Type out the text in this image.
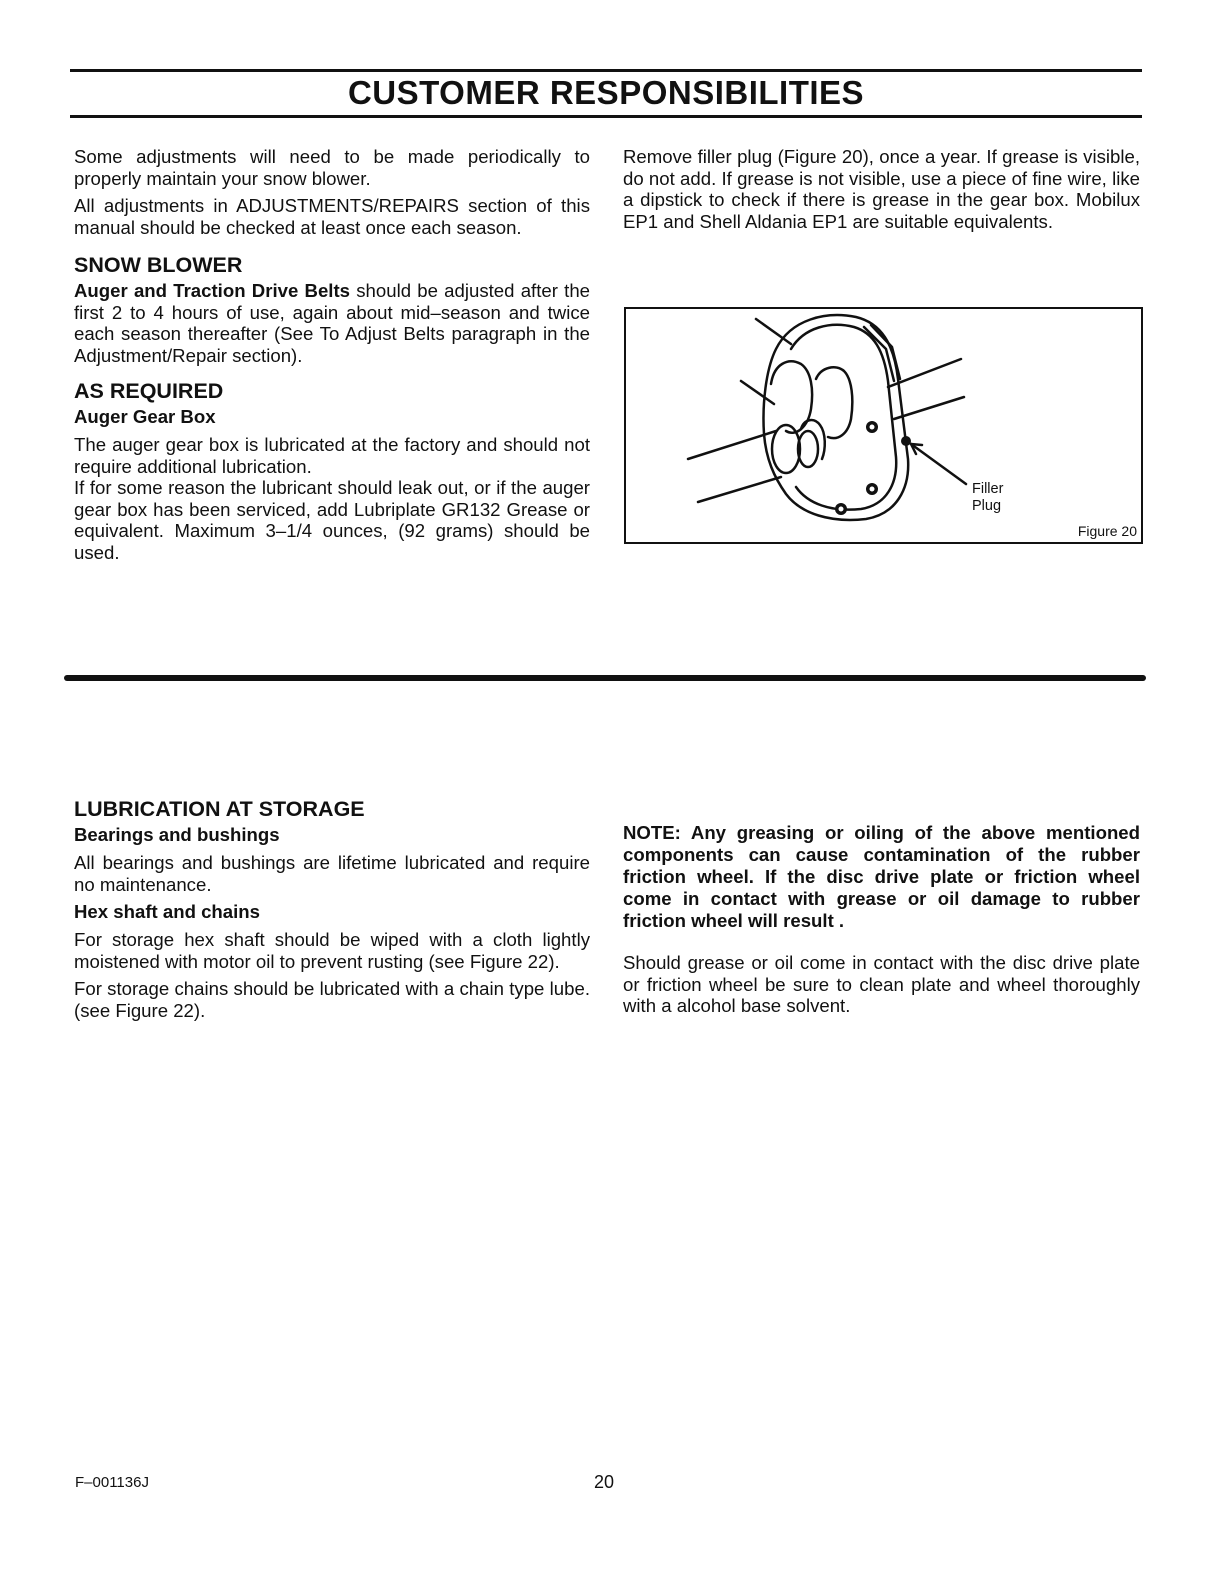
CUSTOMER RESPONSIBILITIES

Some adjustments will need to be made periodically to properly maintain your snow blower.

All adjustments in ADJUSTMENTS/REPAIRS section of this manual should be checked at least once each season.

SNOW BLOWER

Auger and Traction Drive Belts should be adjusted after the first 2 to 4 hours of use, again about mid–season and twice each season thereafter (See To Adjust Belts paragraph in the Adjustment/Repair section).

AS REQUIRED
Auger Gear Box

The auger gear box is lubricated at the factory and should not require additional lubrication.

If for some reason the lubricant should leak out, or if the auger gear box has been serviced, add Lubriplate GR132 Grease or equivalent. Maximum 3–1/4 ounces, (92 grams) should be used.

Remove filler plug (Figure 20), once a year. If grease is visible, do not add. If grease is not visible, use a piece of fine wire, like a dipstick to check if there is grease in the gear box. Mobilux EP1 and Shell Aldania EP1 are suitable equivalents.

Filler
Plug
Figure 20
LUBRICATION AT STORAGE
Bearings and bushings

All bearings and bushings are lifetime lubricated and require no maintenance.

Hex shaft and chains

For storage hex shaft should be wiped with a cloth lightly moistened with motor oil to prevent rusting (see Figure 22).

For storage chains should be lubricated with a chain type lube. (see Figure 22).

NOTE: Any greasing or oiling of the above mentioned components can cause contamination of the rubber friction wheel. If the disc drive plate or friction wheel come in contact with grease or oil damage to rubber friction wheel will result .

Should grease or oil come in contact with the disc drive plate or friction wheel be sure to clean plate and wheel thoroughly with a alcohol base solvent.

F–001136J	20
